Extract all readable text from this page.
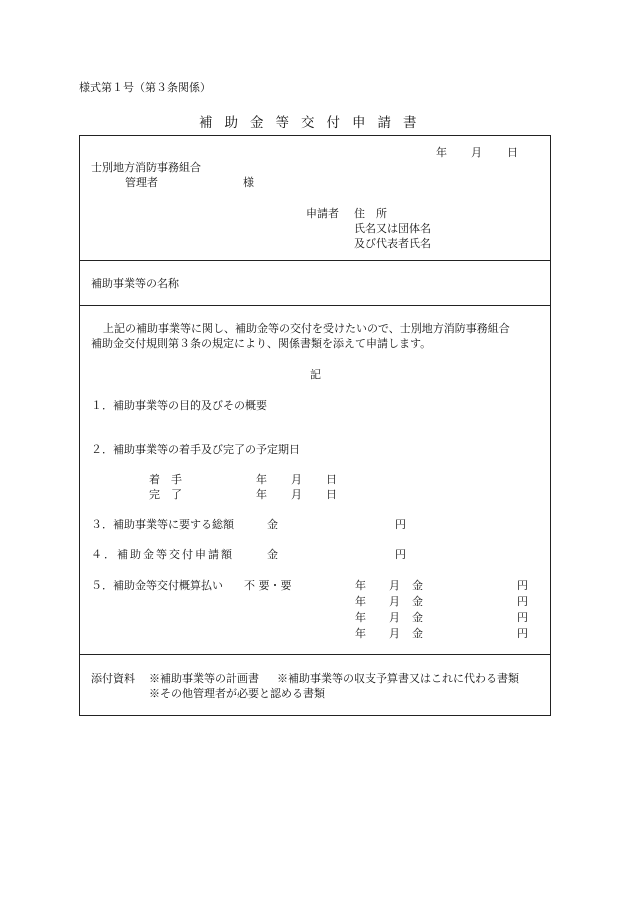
様式第１号（第３条関係）
補助金等交付申請書
年 月 日
士別地方消防事務組合
管理者	様
申請者 住　所
氏名又は団体名
及び代表者氏名
補助事業等の名称
上記の補助事業等に関し、補助金等の交付を受けたいので、士別地方消防事務組合
補助金交付規則第３条の規定により、関係書類を添えて申請します。
記
１．補助事業等の目的及びその概要
２．補助事業等の着手及び完了の予定期日
着　手	年 月 日
完　了	年 月 日
３．補助事業等に要する総額	金	円
４．補助金等交付申請額	金	円
５．補助金等交付概算払い 不 要・要	年 月 金	円
年 月 金	円
年 月 金	円
年 月 金	円
添付資料 ※補助事業等の計画書 ※補助事業等の収支予算書又はこれに代わる書類
※その他管理者が必要と認める書類
